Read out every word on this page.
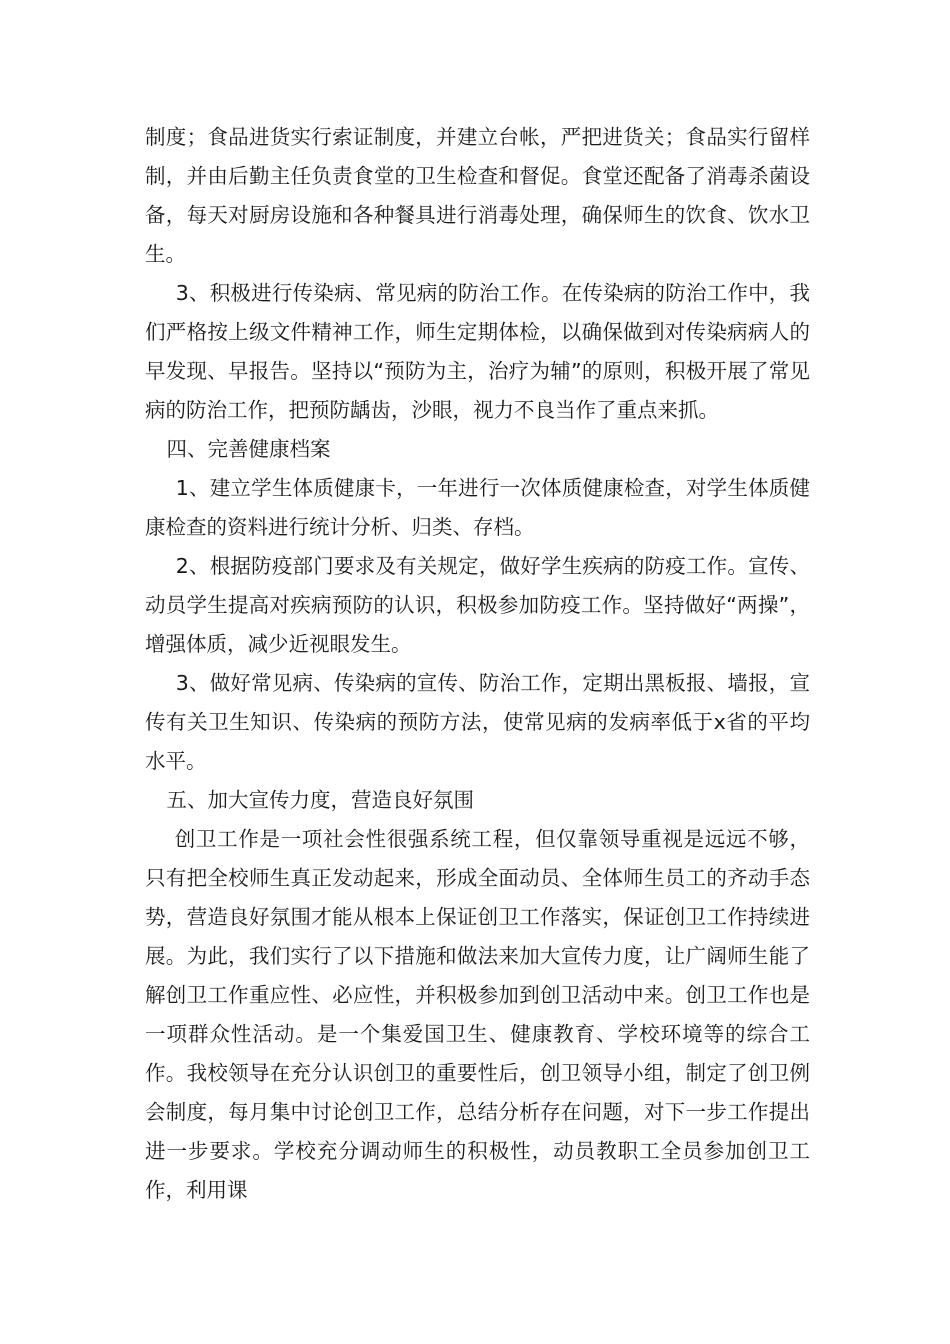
制度；食品进货实行索证制度，并建立台帐，严把进货关；食品实行留样制，并由后勤主任负责食堂的卫生检查和督促。食堂还配备了消毒杀菌设备，每天对厨房设施和各种餐具进行消毒处理，确保师生的饮食、饮水卫生。

3、积极进行传染病、常见病的防治工作。在传染病的防治工作中，我们严格按上级文件精神工作，师生定期体检，以确保做到对传染病病人的早发现、早报告。坚持以“预防为主，治疗为辅”的原则，积极开展了常见病的防治工作，把预防龋齿，沙眼，视力不良当作了重点来抓。

四、完善健康档案

1、建立学生体质健康卡，一年进行一次体质健康检查，对学生体质健康检查的资料进行统计分析、归类、存档。

2、根据防疫部门要求及有关规定，做好学生疾病的防疫工作。宣传、动员学生提高对疾病预防的认识，积极参加防疫工作。坚持做好“两操”，增强体质，减少近视眼发生。

3、做好常见病、传染病的宣传、防治工作，定期出黑板报、墙报，宣传有关卫生知识、传染病的预防方法，使常见病的发病率低于x省的平均水平。

五、加大宣传力度，营造良好氛围

创卫工作是一项社会性很强系统工程，但仅靠领导重视是远远不够，只有把全校师生真正发动起来，形成全面动员、全体师生员工的齐动手态势，营造良好氛围才能从根本上保证创卫工作落实，保证创卫工作持续进展。为此，我们实行了以下措施和做法来加大宣传力度，让广阔师生能了解创卫工作重应性、必应性，并积极参加到创卫活动中来。创卫工作也是一项群众性活动。是一个集爱国卫生、健康教育、学校环境等的综合工作。我校领导在充分认识创卫的重要性后，创卫领导小组，制定了创卫例会制度，每月集中讨论创卫工作，总结分析存在问题，对下一步工作提出进一步要求。学校充分调动师生的积极性，动员教职工全员参加创卫工作，利用课
